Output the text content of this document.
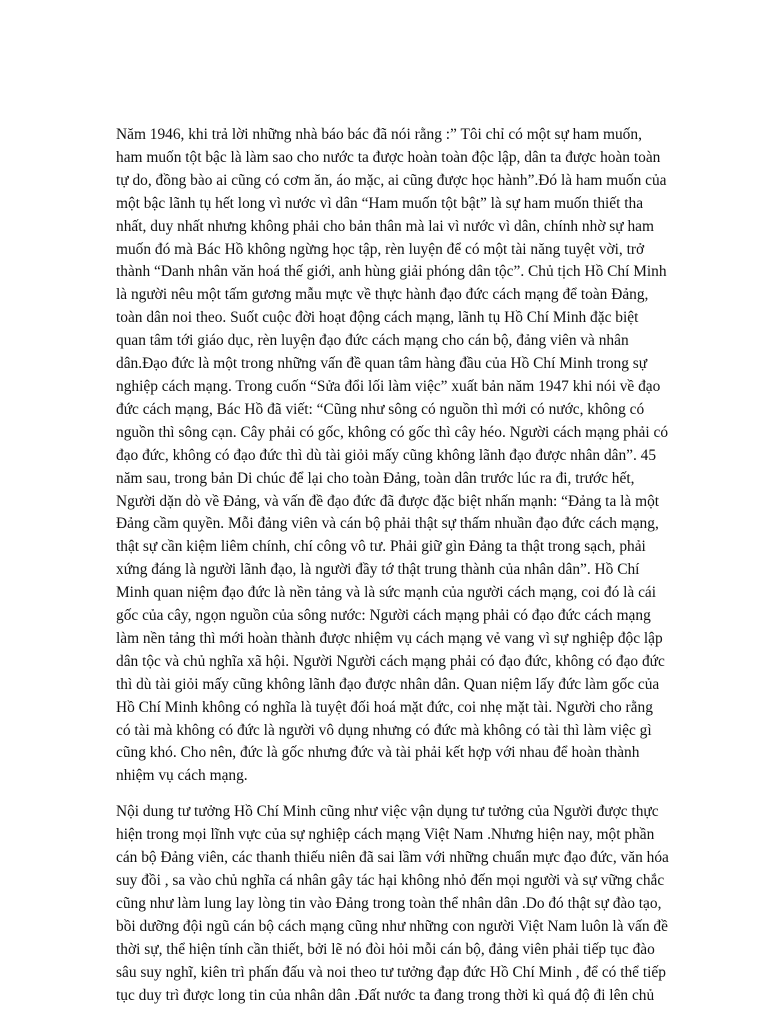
Năm 1946, khi trả lời những nhà báo bác đã nói rằng :” Tôi chỉ có một sự ham muốn,
ham muốn tột bậc là làm sao cho nước ta được hoàn toàn độc lập, dân ta được hoàn toàn
tự do, đồng bào ai cũng có cơm ăn, áo mặc, ai cũng được học hành”.Đó là ham muốn của
một bậc lãnh tụ hết long vì nước vì dân “Ham muốn tột bật” là sự ham muốn thiết tha
nhất, duy nhất nhưng không phải cho bản thân mà lai vì nước vì dân, chính nhờ sự ham
muốn đó mà Bác Hồ không ngừng học tập, rèn luyện để có một tài năng tuyệt vời, trở
thành “Danh nhân văn hoá thế giới, anh hùng giải phóng dân tộc”. Chủ tịch Hồ Chí Minh
là người nêu một tấm gương mẫu mực về thực hành đạo đức cách mạng để toàn Đảng,
toàn dân noi theo. Suốt cuộc đời hoạt động cách mạng, lãnh tụ Hồ Chí Minh đặc biệt
quan tâm tới giáo dục, rèn luyện đạo đức cách mạng cho cán bộ, đảng viên và nhân
dân.Đạo đức là một trong những vấn đề quan tâm hàng đầu của Hồ Chí Minh trong sự
nghiệp cách mạng. Trong cuốn “Sửa đổi lối làm việc” xuất bản năm 1947 khi nói về đạo
đức cách mạng, Bác Hồ đã viết: “Cũng như sông có nguồn thì mới có nước, không có
nguồn thì sông cạn. Cây phải có gốc, không có gốc thì cây héo. Người cách mạng phải có
đạo đức, không có đạo đức thì dù tài giỏi mấy cũng không lãnh đạo được nhân dân”. 45
năm sau, trong bản Di chúc để lại cho toàn Đảng, toàn dân trước lúc ra đi, trước hết,
Người dặn dò về Đảng, và vấn đề đạo đức đã được đặc biệt nhấn mạnh: “Đảng ta là một
Đảng cầm quyền. Mỗi đảng viên và cán bộ phải thật sự thấm nhuần đạo đức cách mạng,
thật sự cần kiệm liêm chính, chí công vô tư. Phải giữ gìn Đảng ta thật trong sạch, phải
xứng đáng là người lãnh đạo, là người đầy tớ thật trung thành của nhân dân”. Hồ Chí
Minh quan niệm đạo đức là nền tảng và là sức mạnh của người cách mạng, coi đó là cái
gốc của cây, ngọn nguồn của sông nước: Người cách mạng phải có đạo đức cách mạng
làm nền tảng thì mới hoàn thành được nhiệm vụ cách mạng vẻ vang vì sự nghiệp độc lập
dân tộc và chủ nghĩa xã hội. Người Người cách mạng phải có đạo đức, không có đạo đức
thì dù tài giỏi mấy cũng không lãnh đạo được nhân dân. Quan niệm lấy đức làm gốc của
Hồ Chí Minh không có nghĩa là tuyệt đối hoá mặt đức, coi nhẹ mặt tài. Người cho rằng
có tài mà không có đức là người vô dụng nhưng có đức mà không có tài thì làm việc gì
cũng khó. Cho nên, đức là gốc nhưng đức và tài phải kết hợp với nhau để hoàn thành
nhiệm vụ cách mạng.
Nội dung tư tưởng Hồ Chí Minh cũng như việc vận dụng tư tưởng của Người được thực
hiện trong mọi lĩnh vực của sự nghiệp cách mạng Việt Nam .Nhưng hiện nay, một phần
cán bộ Đảng viên, các thanh thiếu niên đã sai lầm với những chuẩn mực đạo đức, văn hóa
suy đồi , sa vào chủ nghĩa cá nhân gây tác hại không nhỏ đến mọi người và sự vững chắc
cũng như làm lung lay lòng tin vào Đảng trong toàn thể nhân dân .Do đó thật sự đào tạo,
bồi dưỡng đội ngũ cán bộ cách mạng cũng như những con người Việt Nam luôn là vấn đề
thời sự, thể hiện tính cần thiết, bởi lẽ nó đòi hỏi mỗi cán bộ, đảng viên phải tiếp tục đào
sâu suy nghĩ, kiên trì phấn đấu và noi theo tư tưởng đạp đức Hồ Chí Minh , để có thể tiếp
tục duy trì được long tin của nhân dân .Đất nước ta đang trong thời kì quá độ đi lên chủ
